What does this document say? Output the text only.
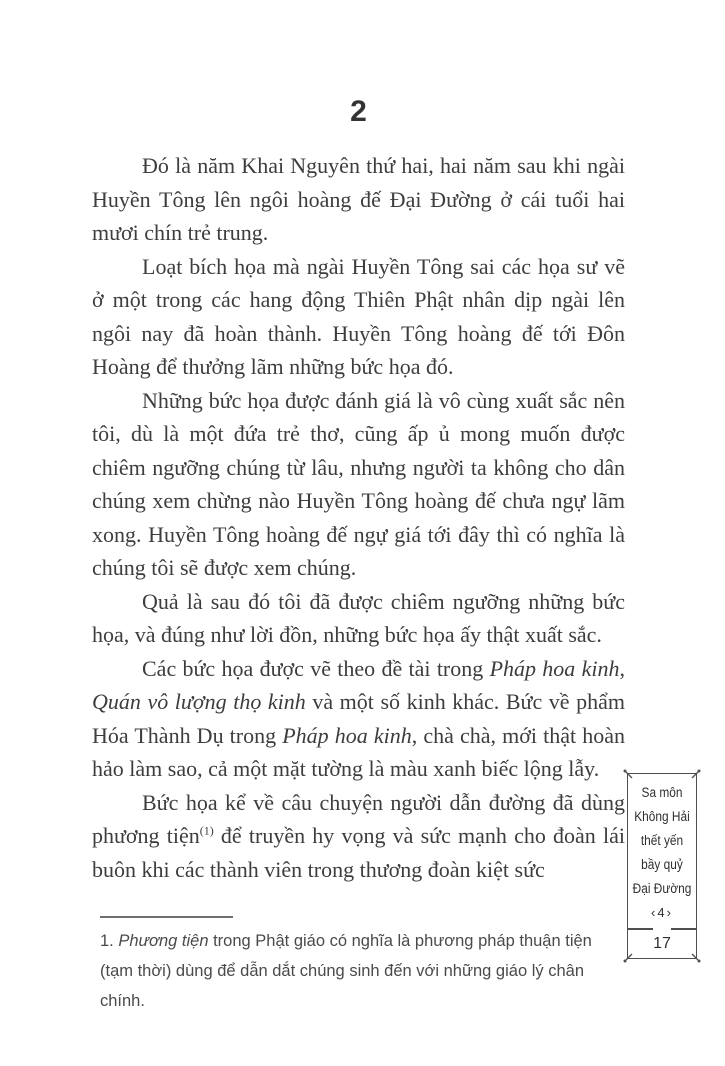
2

Đó là năm Khai Nguyên thứ hai, hai năm sau khi ngài Huyền Tông lên ngôi hoàng đế Đại Đường ở cái tuổi hai mươi chín trẻ trung.

Loạt bích họa mà ngài Huyền Tông sai các họa sư vẽ ở một trong các hang động Thiên Phật nhân dịp ngài lên ngôi nay đã hoàn thành. Huyền Tông hoàng đế tới Đôn Hoàng để thưởng lãm những bức họa đó.

Những bức họa được đánh giá là vô cùng xuất sắc nên tôi, dù là một đứa trẻ thơ, cũng ấp ủ mong muốn được chiêm ngưỡng chúng từ lâu, nhưng người ta không cho dân chúng xem chừng nào Huyền Tông hoàng đế chưa ngự lãm xong. Huyền Tông hoàng đế ngự giá tới đây thì có nghĩa là chúng tôi sẽ được xem chúng.

Quả là sau đó tôi đã được chiêm ngưỡng những bức họa, và đúng như lời đồn, những bức họa ấy thật xuất sắc.

Các bức họa được vẽ theo đề tài trong Pháp hoa kinh, Quán vô lượng thọ kinh và một số kinh khác. Bức về phẩm Hóa Thành Dụ trong Pháp hoa kinh, chà chà, mới thật hoàn hảo làm sao, cả một mặt tường là màu xanh biếc lộng lẫy.

Bức họa kể về câu chuyện người dẫn đường đã dùng phương tiện$^{(1)}$ để truyền hy vọng và sức mạnh cho đoàn lái buôn khi các thành viên trong thương đoàn kiệt sức

1. Phương tiện trong Phật giáo có nghĩa là phương pháp thuận tiện (tạm thời) dùng để dẫn dắt chúng sinh đến với những giáo lý chân chính.
Sa môn
Không Hải
thết yến
bầy quỷ
Đại Đường
‹4›
17
